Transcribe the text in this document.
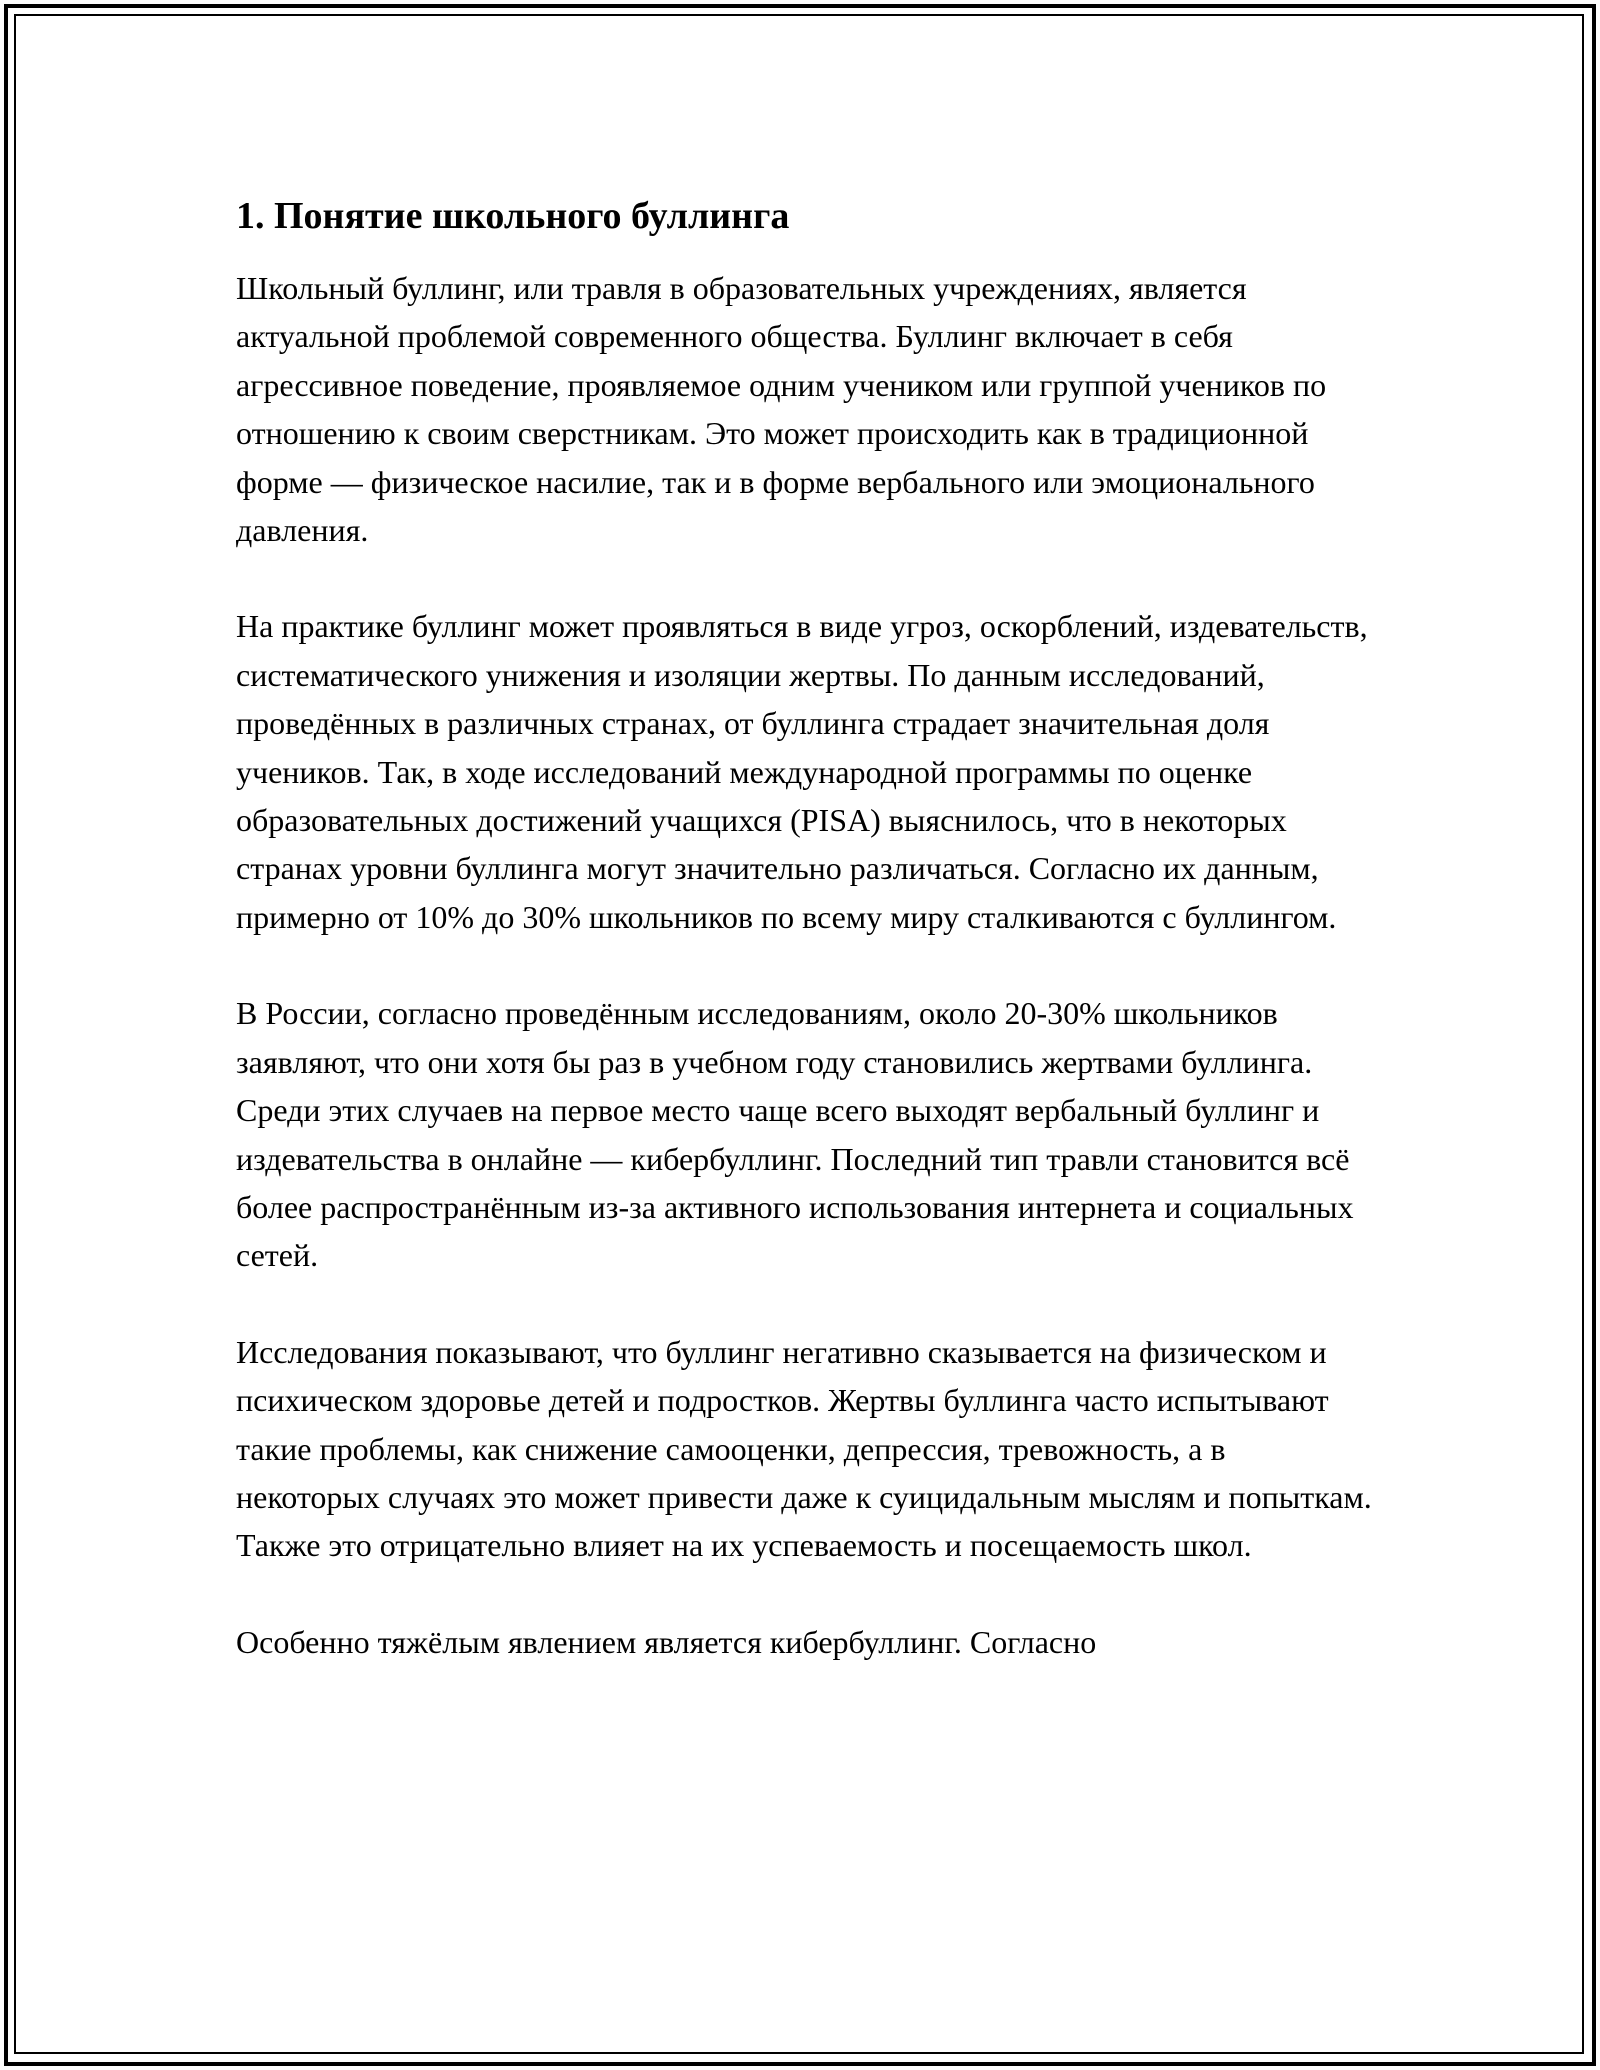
1. Понятие школьного буллинга

Школьный буллинг, или травля в образовательных учреждениях, является актуальной проблемой современного общества. Буллинг включает в себя агрессивное поведение, проявляемое одним учеником или группой учеников по отношению к своим сверстникам. Это может происходить как в традиционной форме — физическое насилие, так и в форме вербального или эмоционального давления.

На практике буллинг может проявляться в виде угроз, оскорблений, издевательств, систематического унижения и изоляции жертвы. По данным исследований, проведённых в различных странах, от буллинга страдает значительная доля учеников. Так, в ходе исследований международной программы по оценке образовательных достижений учащихся (PISA) выяснилось, что в некоторых странах уровни буллинга могут значительно различаться. Согласно их данным, примерно от 10% до 30% школьников по всему миру сталкиваются с буллингом.

В России, согласно проведённым исследованиям, около 20-30% школьников заявляют, что они хотя бы раз в учебном году становились жертвами буллинга. Среди этих случаев на первое место чаще всего выходят вербальный буллинг и издевательства в онлайне — кибербуллинг. Последний тип травли становится всё более распространённым из-за активного использования интернета и социальных сетей.

Исследования показывают, что буллинг негативно сказывается на физическом и психическом здоровье детей и подростков. Жертвы буллинга часто испытывают такие проблемы, как снижение самооценки, депрессия, тревожность, а в некоторых случаях это может привести даже к суицидальным мыслям и попыткам. Также это отрицательно влияет на их успеваемость и посещаемость школ.

Особенно тяжёлым явлением является кибербуллинг. Согласно
